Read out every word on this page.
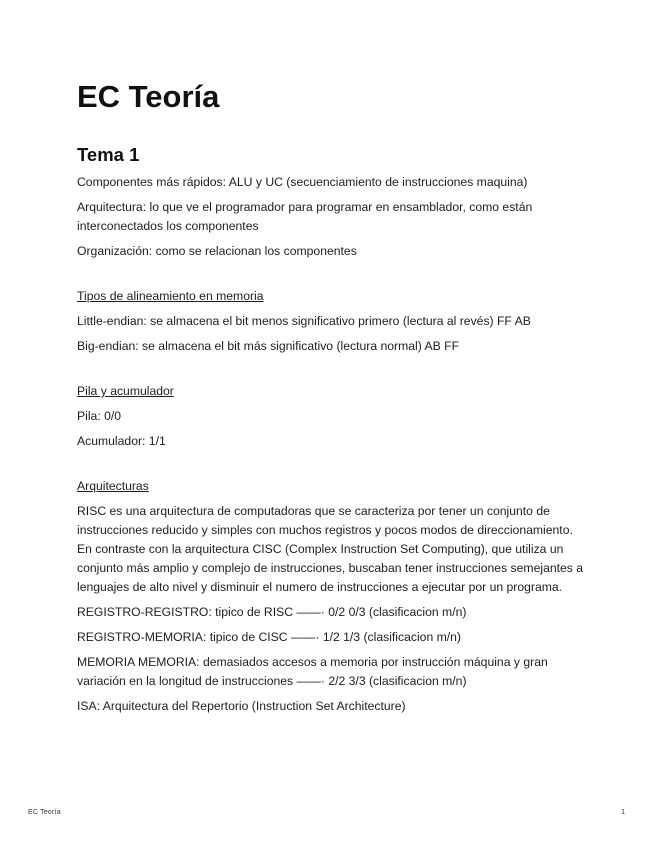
EC Teoría
Tema 1

Componentes más rápidos: ALU y UC (secuenciamiento de instrucciones maquina)

Arquitectura: lo que ve el programador para programar en ensamblador, como están interconectados los componentes

Organización: como se relacionan los componentes

Tipos de alineamiento en memoria

Little-endian: se almacena el bit menos significativo primero (lectura al revés) FF AB

Big-endian: se almacena el bit más significativo (lectura normal) AB FF

Pila y acumulador

Pila: 0/0

Acumulador: 1/1

Arquitecturas

RISC es una arquitectura de computadoras que se caracteriza por tener un conjunto de instrucciones reducido y simples con muchos registros y pocos modos de direccionamiento. En contraste con la arquitectura CISC (Complex Instruction Set Computing), que utiliza un conjunto más amplio y complejo de instrucciones, buscaban tener instrucciones semejantes a lenguajes de alto nivel y disminuir el numero de instrucciones a ejecutar por un programa.

REGISTRO-REGISTRO: tipico de RISC ——· 0/2 0/3 (clasificacion m/n)

REGISTRO-MEMORIA: tipico de CISC ——· 1/2 1/3 (clasificacion m/n)

MEMORIA MEMORIA: demasiados accesos a memoria por instrucción máquina y gran variación en la longitud de instrucciones ——· 2/2 3/3 (clasificacion m/n)

ISA: Arquitectura del Repertorio (Instruction Set Architecture)

EC Teoría	1
